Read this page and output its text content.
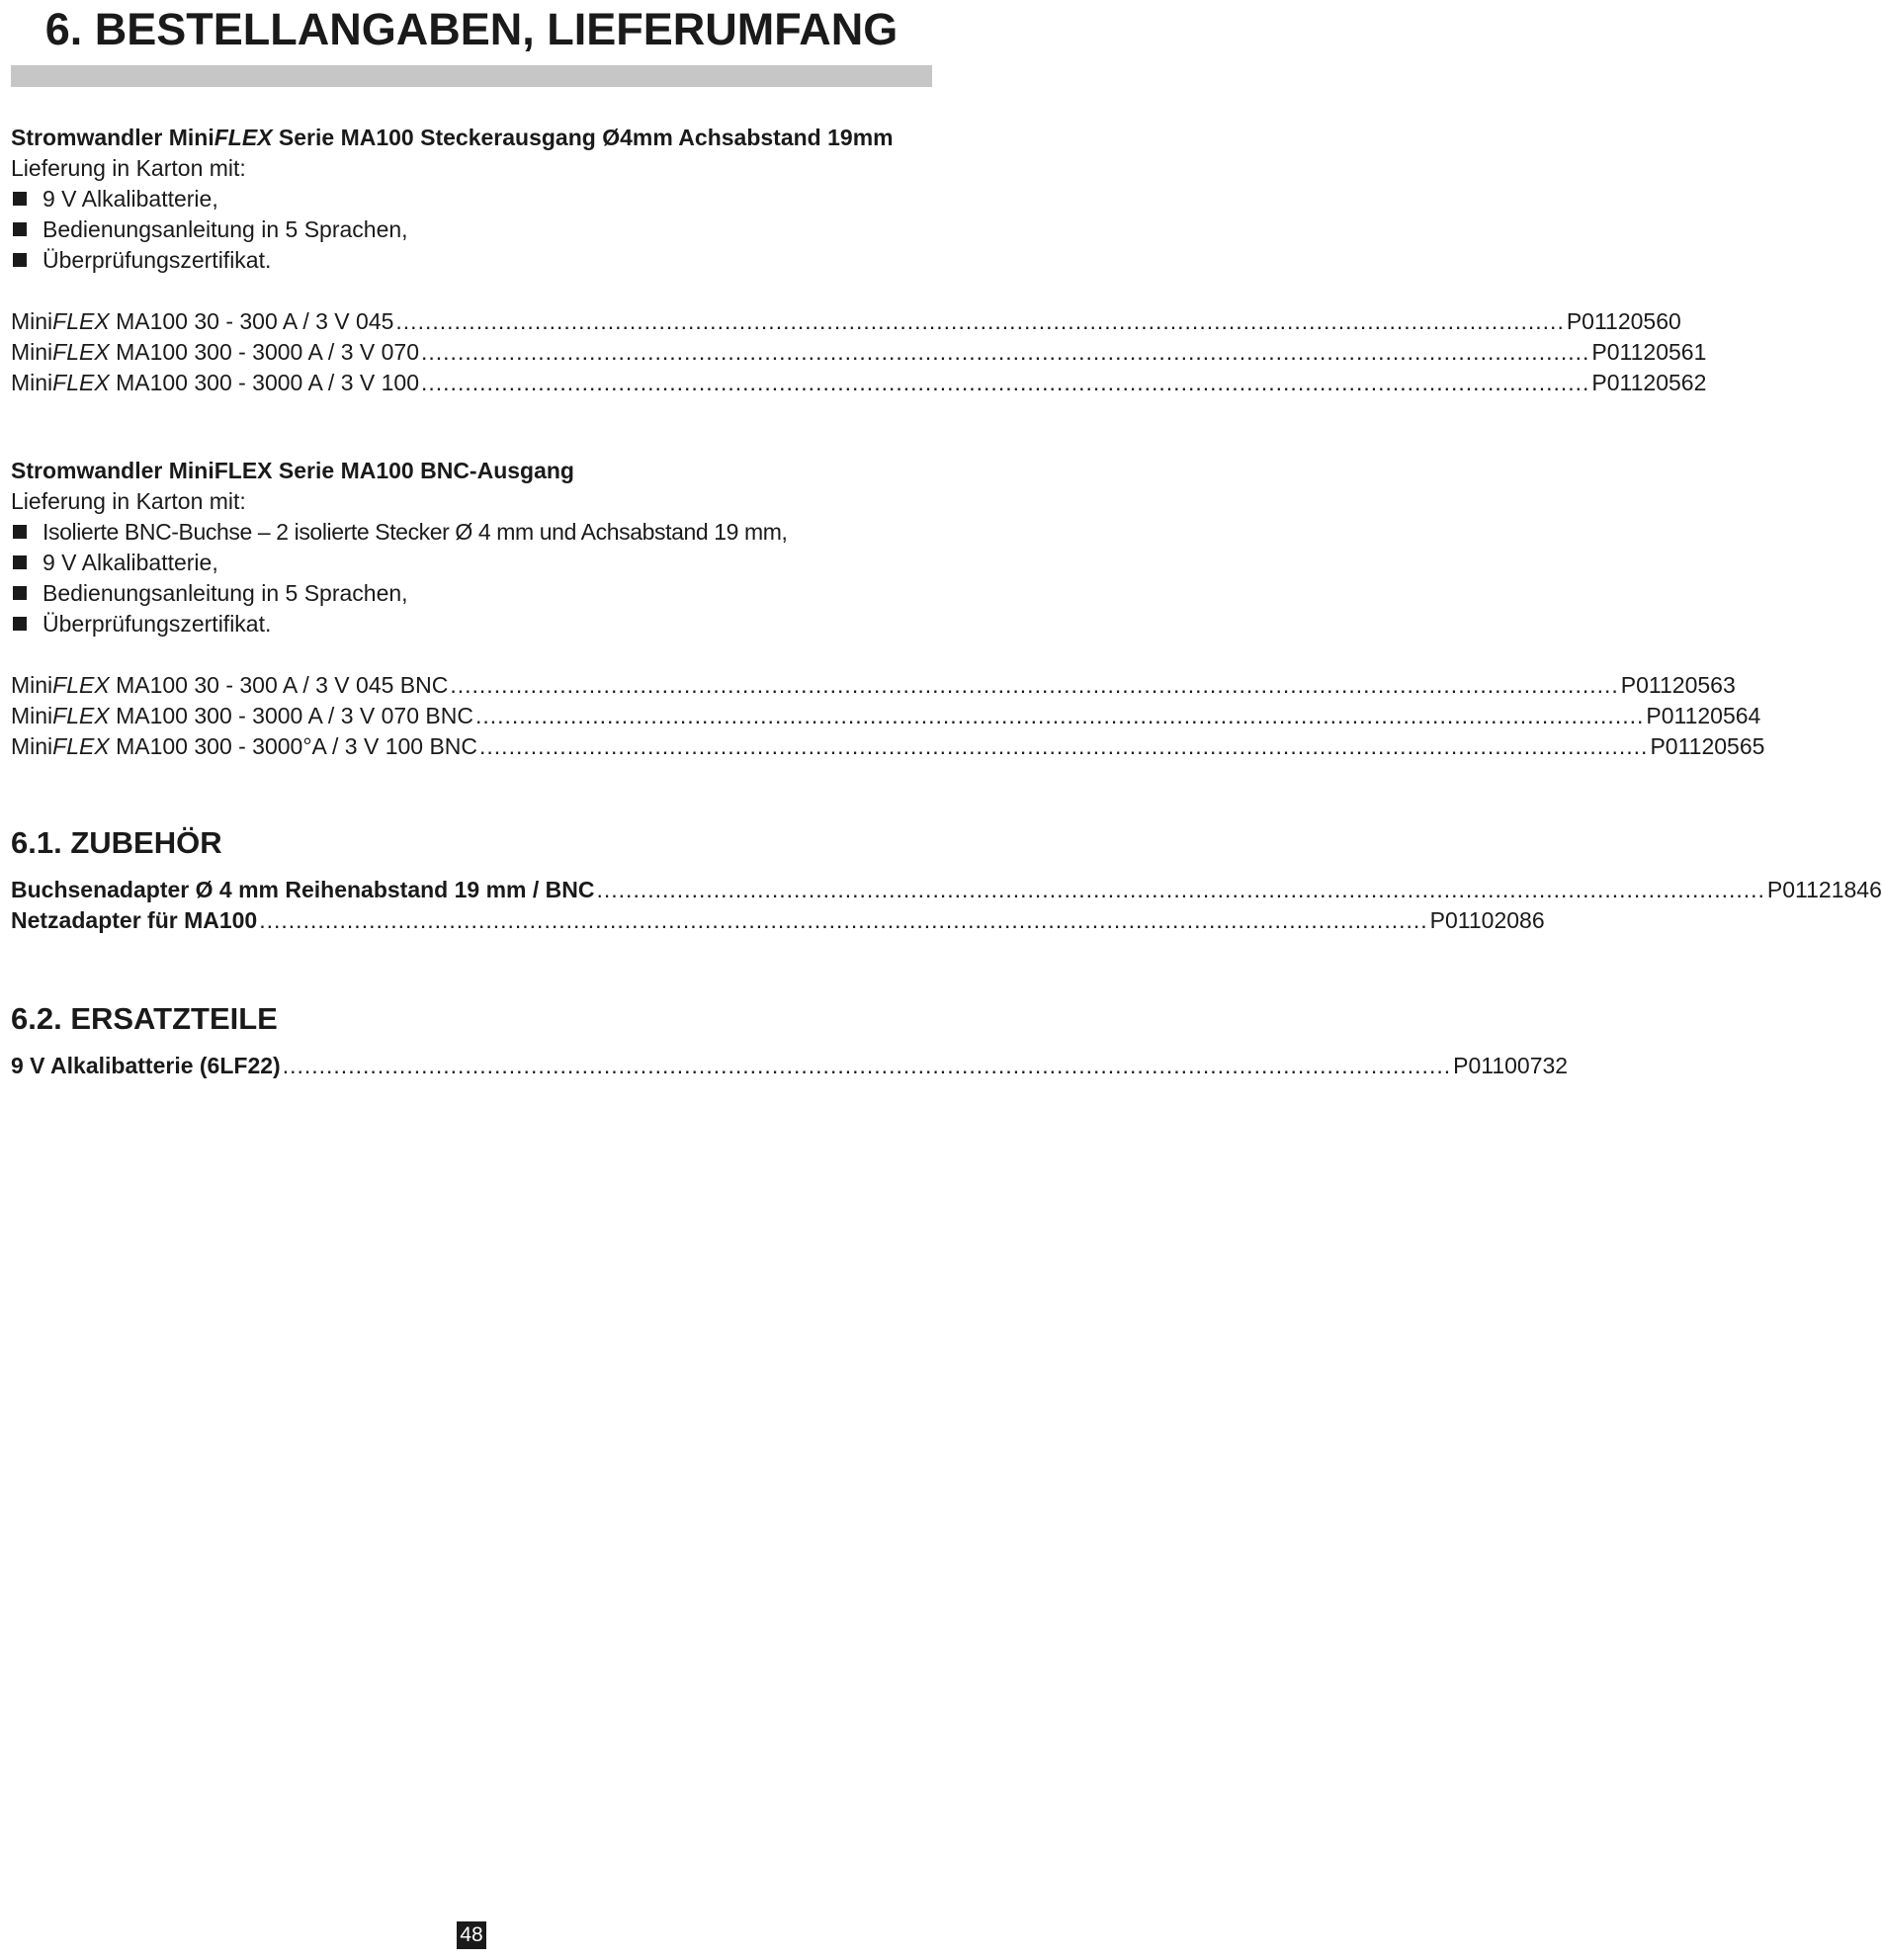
6. BESTELLANGABEN, LIEFERUMFANG
Stromwandler MiniFLEX Serie MA100 Steckerausgang Ø4mm Achsabstand 19mm
Lieferung in Karton mit:
9 V Alkalibatterie,
Bedienungsanleitung in 5 Sprachen,
Überprüfungszertifikat.
MiniFLEX MA100 30 - 300 A / 3 V 045 ................................................................................................................................................................ P01120560
MiniFLEX MA100 300 - 3000 A / 3 V 070 ................................................................................................................................................................ P01120561
MiniFLEX MA100 300 - 3000 A / 3 V 100 ................................................................................................................................................................ P01120562
Stromwandler MiniFLEX Serie MA100 BNC-Ausgang
Lieferung in Karton mit:
Isolierte BNC-Buchse – 2 isolierte Stecker Ø 4 mm und Achsabstand 19 mm,
9 V Alkalibatterie,
Bedienungsanleitung in 5 Sprachen,
Überprüfungszertifikat.
MiniFLEX MA100 30 - 300 A / 3 V 045 BNC ................................................................................................................................................................ P01120563
MiniFLEX MA100 300 - 3000 A / 3 V 070 BNC ................................................................................................................................................................ P01120564
MiniFLEX MA100 300 - 3000°A / 3 V 100 BNC ................................................................................................................................................................ P01120565
6.1. ZUBEHÖR
Buchsenadapter Ø 4 mm Reihenabstand 19 mm / BNC ................................................................................................................................................................ P01121846
Netzadapter für MA100 ................................................................................................................................................................ P01102086
6.2. ERSATZTEILE
9 V Alkalibatterie (6LF22) ................................................................................................................................................................ P01100732
48
